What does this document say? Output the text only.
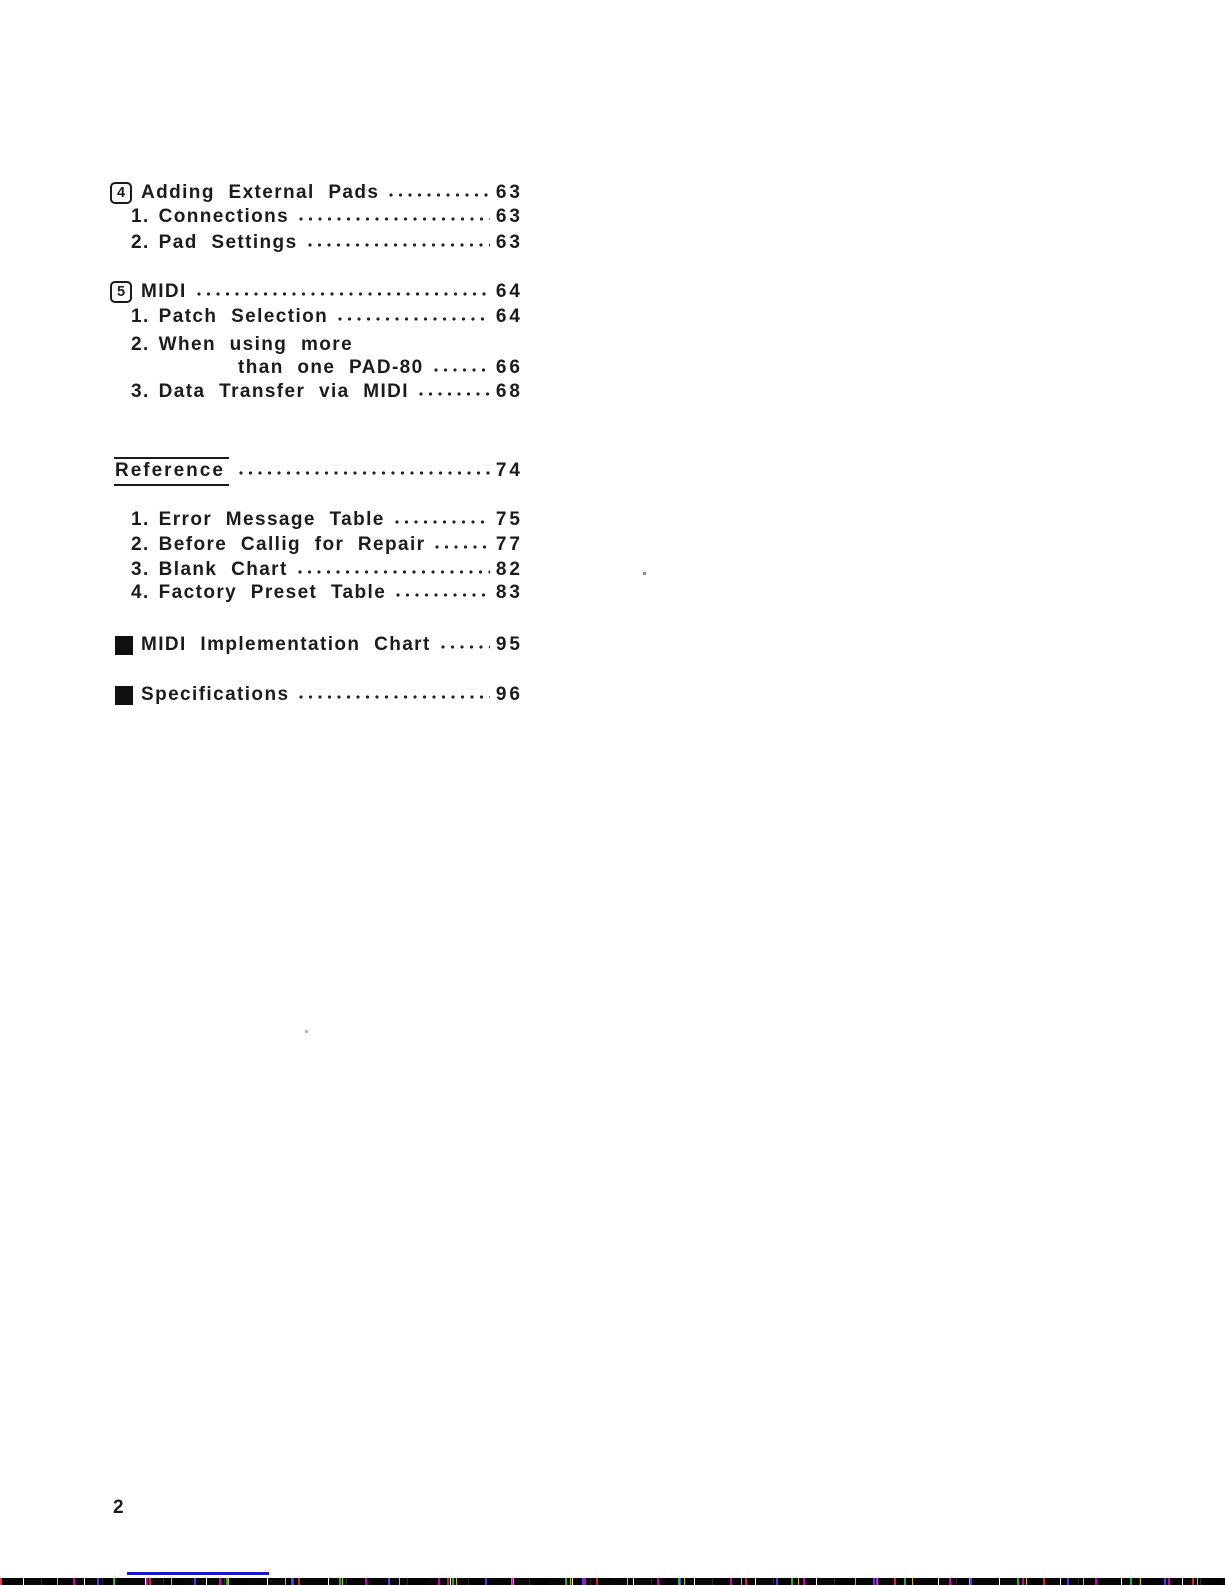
4 Adding External Pads	63
1. Connections	63
2. Pad Settings	63
5 MIDI	64
1. Patch Selection	64
2. When using more
than one PAD-80	66
3. Data Transfer via MIDI	68
Reference	74
1. Error Message Table	75
2. Before Callig for Repair	77
3. Blank Chart	82
4. Factory Preset Table	83
MIDI Implementation Chart	95
Specifications	96
2
